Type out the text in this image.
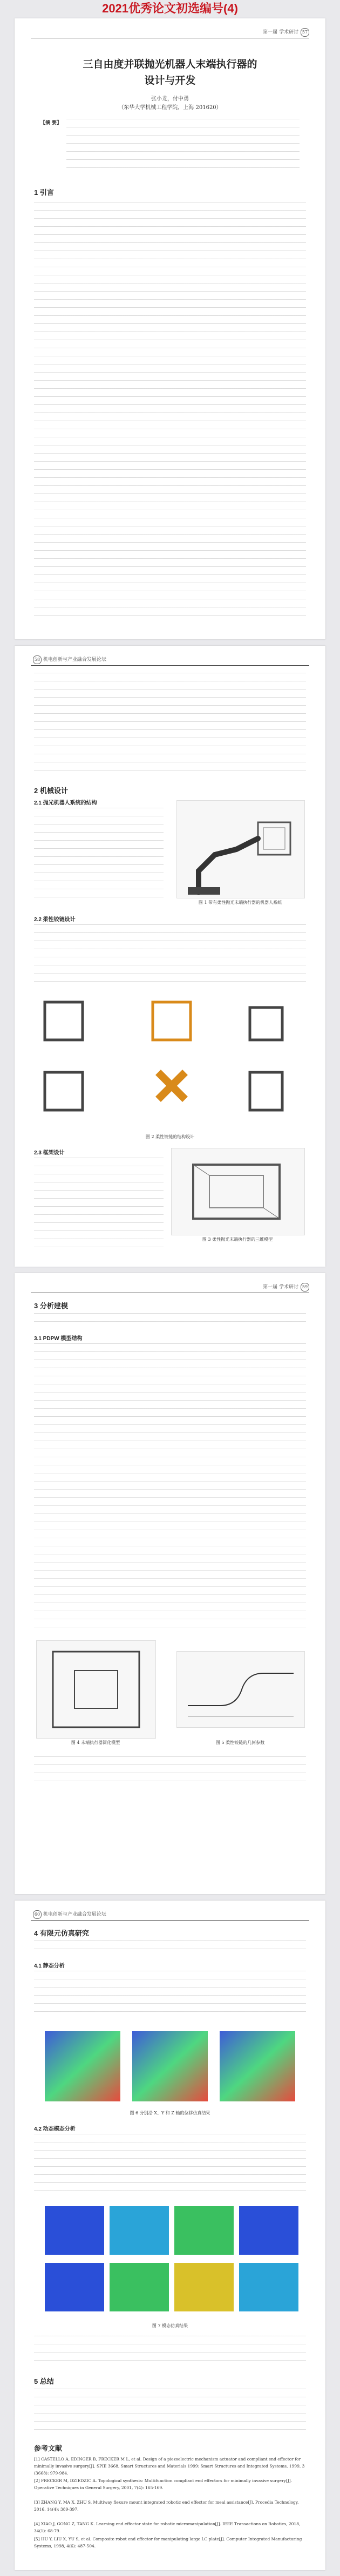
2021优秀论文初选编号(4)
第一届 学术研讨 57
三自由度并联抛光机器人末端执行器的
设计与开发
张小龙，付中勇
（东华大学机械工程学院，上海 201620）
【摘 要】
1 引言
58 机电创新与产业融合发展论坛
2 机械设计
2.1 抛光机器人系统的结构
图 1 带有柔性抛光末端执行器的机器人系统
2.2 柔性铰链设计
图 2 柔性铰链的结构设计
2.3 框架设计
图 3 柔性抛光末端执行器的三维模型
第一届 学术研讨 59
3 分析建模
3.1 PDPW 模型结构
图 4 末端执行器简化模型	图 5 柔性铰链的几何参数
60 机电创新与产业融合发展论坛
4 有限元仿真研究
4.1 静态分析
图 6 分别沿 X、Y 和 Z 轴的位移仿真结果
4.2 动态模态分析
图 7 模态仿真结果
5 总结
参考文献
[1] CASTELLO A, EDINGER B, FRECKER M L, et al. Design of a piezoelectric mechanism actuator and compliant end effector for minimally invasive surgery[J]. SPIE 3668, Smart Structures and Materials 1999: Smart Structures and Integrated Systems, 1999, 3 (3668): 979-984.
[2] FRECKER M, DZIEDZIC A. Topological synthesis: Multifunction compliant end effectors for minimally invasive surgery[J]. Operative Techniques in General Surgery, 2001, 7(4): 165-169.
[3] ZHANG Y, MA X, ZHU S. Multiway flexure mount integrated robotic end effector for meal assistance[J]. Procedia Technology, 2016, 14(4): 389-397.
[4] XIAO J, GONG Z, TANG K. Learning end effector state for robotic micromanipulation[J]. IEEE Transactions on Robotics, 2018, 34(1): 68-79.
[5] HU Y, LIU X, YU S, et al. Composite robot end effector for manipulating large LC plate[J]. Computer Integrated Manufacturing Systems, 1998, 4(6): 487-504.
